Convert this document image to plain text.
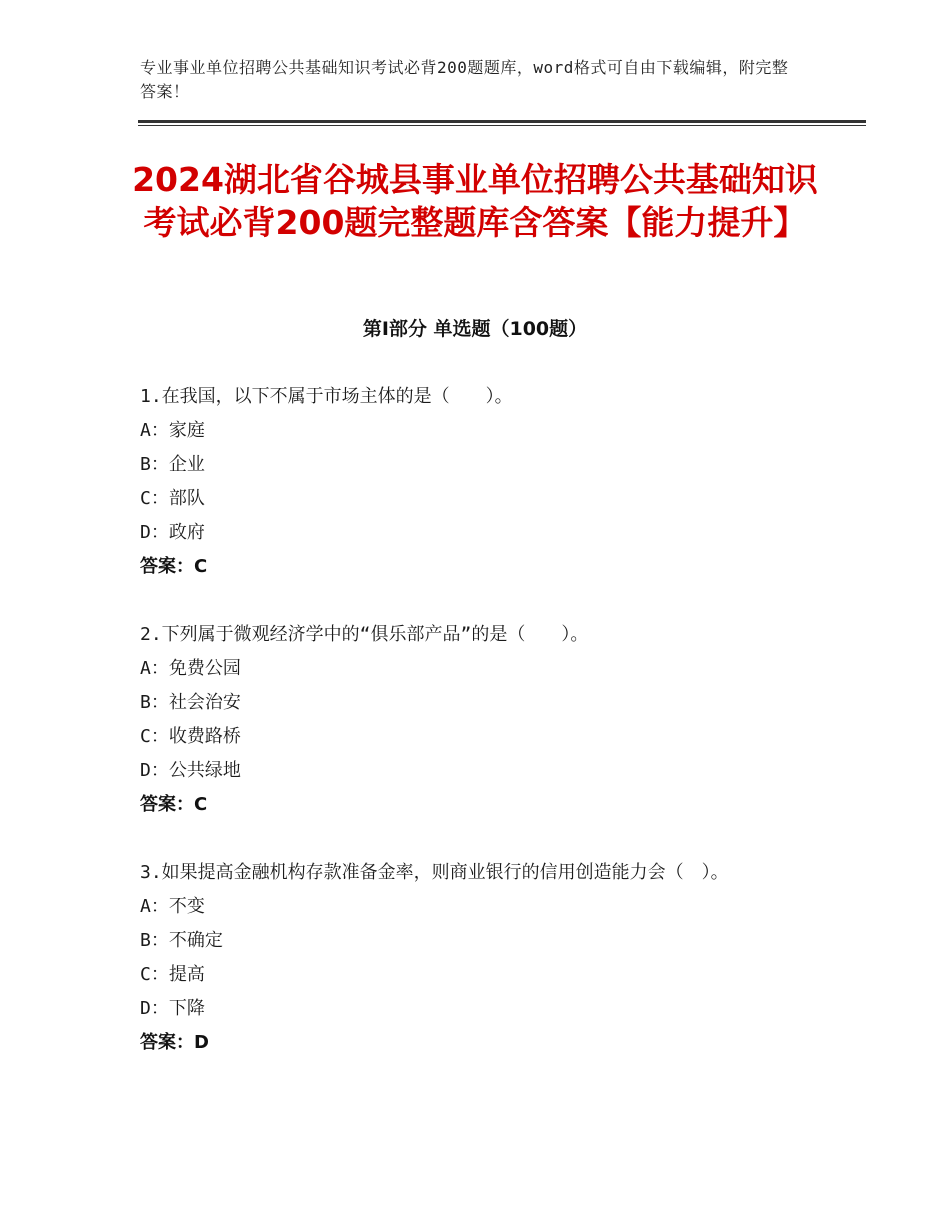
专业事业单位招聘公共基础知识考试必背200题题库，word格式可自由下载编辑，附完整答案！
2024湖北省谷城县事业单位招聘公共基础知识考试必背200题完整题库含答案【能力提升】
第Ⅰ部分 单选题（100题）
1.在我国，以下不属于市场主体的是（　　）。
A：家庭
B：企业
C：部队
D：政府
答案：C
2.下列属于微观经济学中的“俱乐部产品”的是（　　）。
A：免费公园
B：社会治安
C：收费路桥
D：公共绿地
答案：C
3.如果提高金融机构存款准备金率，则商业银行的信用创造能力会（　）。
A：不变
B：不确定
C：提高
D：下降
答案：D
